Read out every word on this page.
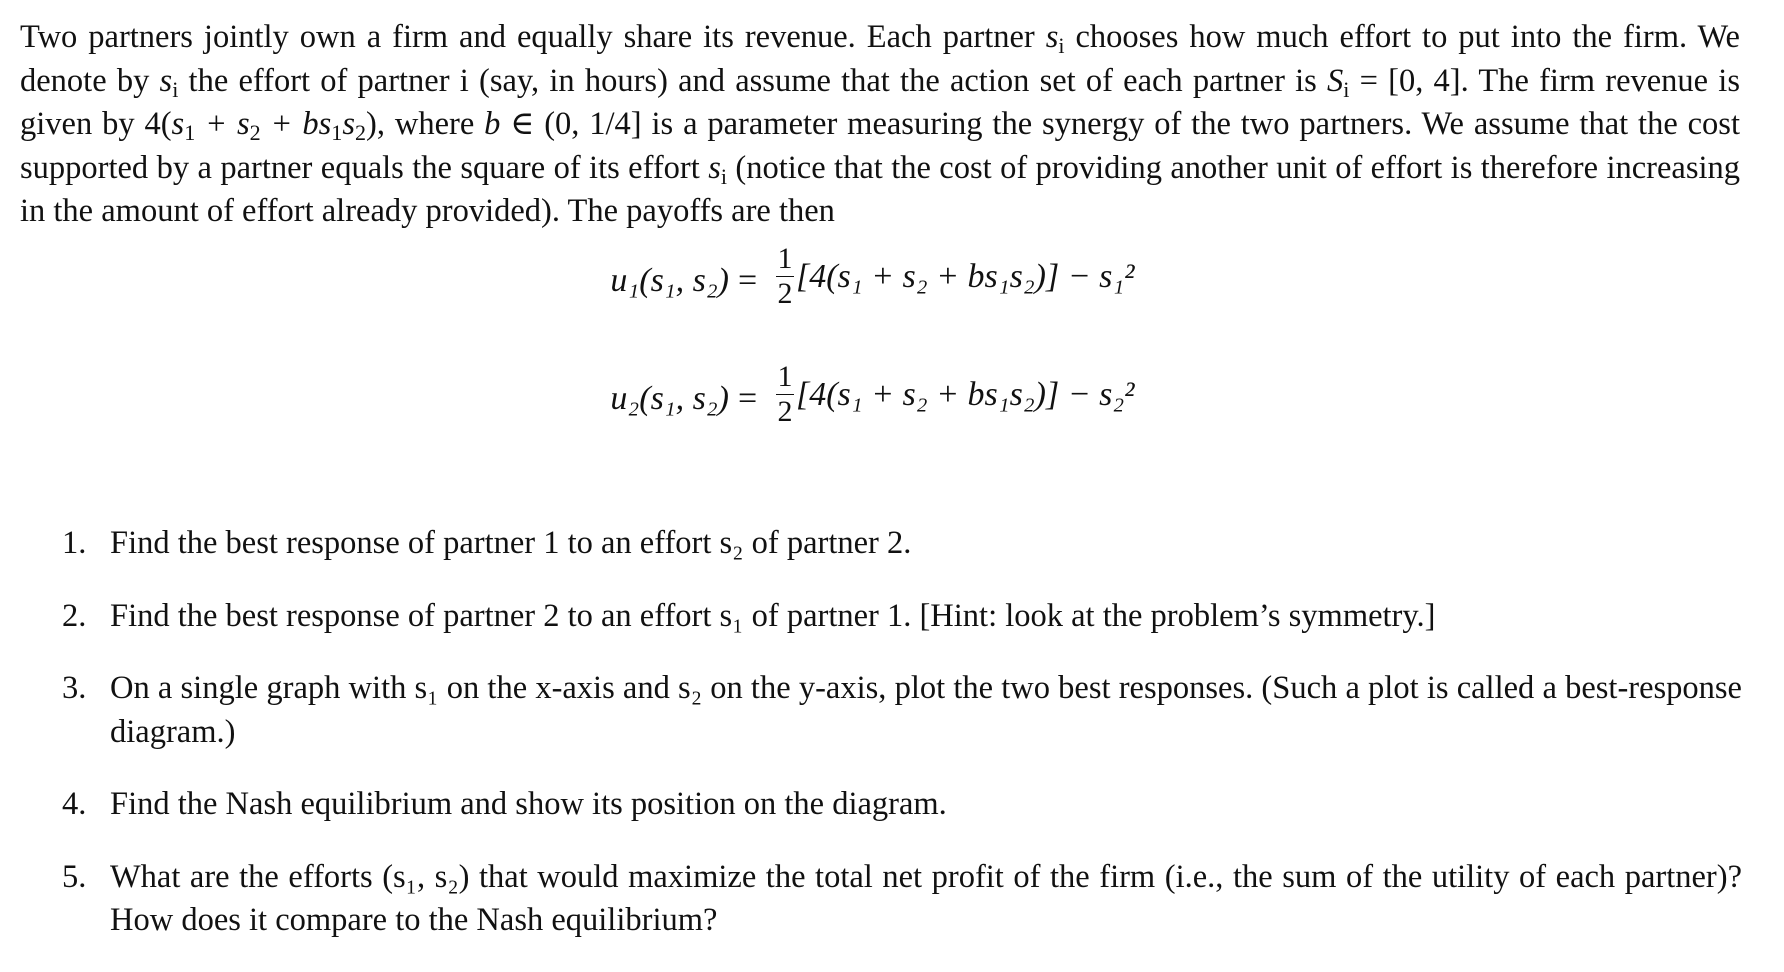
Two partners jointly own a firm and equally share its revenue. Each partner $s_i$ chooses how much effort to put into the firm. We denote by $s_i$ the effort of partner i (say, in hours) and assume that the action set of each partner is $S_i = [0$, 4]. The firm revenue is given by $4(s_1 + s_2 + bs_1s_2)$, where b ∈ (0, 1/4] is a parameter measuring the synergy of the two partners. We assume that the cost supported by a partner equals the square of its effort $s_i$ (notice that the cost of providing another unit of effort is therefore increasing in the amount of effort already provided). The payoffs are then
u₁(s₁, $s_2) = \frac{1}{2} [4(s_1 + s_2 + bs_1s_2)] - s_1^2$
u₂(s₁, $s_2) = \frac{1}{2} [4(s_1 + s_2 + bs_1s_2)] - s_2^2$
1. Find the best response of partner 1 to an effort s₂ of partner 2.
2. Find the best response of partner 2 to an effort s₁ of partner 1. [Hint: look at the problem’s symmetry.]
3. On a single graph with s₁ on the x-axis and s₂ on the y-axis, plot the two best responses. (Such a plot is called a best-response diagram.)
4. Find the Nash equilibrium and show its position on the diagram.
5. What are the efforts (s₁, s₂) that would maximize the total net profit of the firm (i.e., the sum of the utility of each partner)? How does it compare to the Nash equilibrium?
